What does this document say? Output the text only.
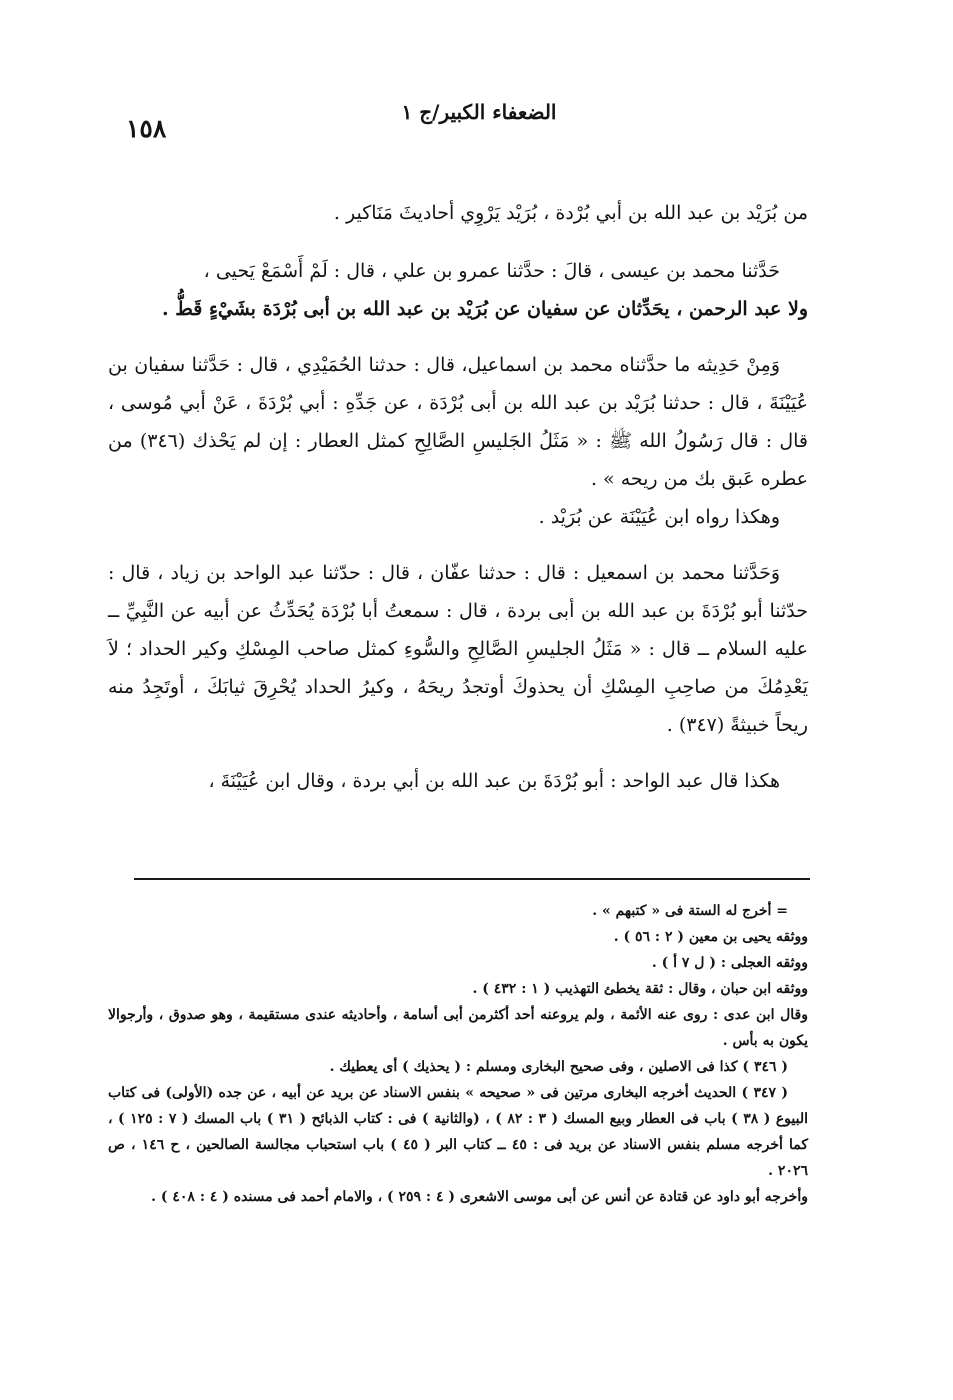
الضعفاء الكبير/ج ١
١٥٨

من بُرَيْد بن عبد الله بن أبي بُرْدة ، بُرَيْد يَرْوِي أحاديثَ مَنَاكير .

حَدَّثنا محمد بن عيسى ، قالَ : حدَّثنا عمرو بن علي ، قال : لَمْ أَسْمَعْ يَحيى ،

ولا عبد الرحمن ، يحَدِّثان عن سفيان عن بُرَيْد بن عبد الله بن أبى بُرْدَة بشَيْءٍ قَطُّ .

وَمِنْ حَدِيثه ما حدَّثناه محمد بن اسماعيل، قال : حدثنا الحُمَيْدِي ، قال : حَدَّثنا سفيان بن عُيَيْنَةَ ، قال : حدثنا بُرَيْد بن عبد الله بن أبى بُرْدَة ، عن جَدِّهِ : أبي بُرْدَةَ ، عَنْ أبي مُوسى ، قال : قال رَسُولُ الله ﷺ : « مَثَلُ الجَليسِ الصَّالِحِ كمثل العطار : إن لم يَحْذك (٣٤٦) من عطره عَبق بك من ريحه » .

وهكذا رواه ابن عُيَيْنَة عن بُرَيْد .

وَحَدَّثنا محمد بن اسمعيل : قال : حدثنا عفّان ، قال : حدّثنا عبد الواحد بن زياد ، قال : حدّثنا أبو بُرْدَةَ بن عبد الله بن أبى بردة ، قال : سمعتُ أبا بُرْدَة يُحَدِّثُ عن أبيه عن النَّبِيِّ ــ عليه السلام ــ قال : « مَثَلُ الجليسِ الصَّالِحِ والسُّوءِ كمثل صاحب المِسْكِ وكير الحداد ؛ لاَ يَعْدِمُكَ من صاحِبِ المِسْكِ أن يحذوكَ أوتجدُ ريحَهُ ، وكيرُ الحداد يُحْرِقَ ثيابَكَ ، أوتَجِدُ منه ريحاً خبيثةً (٣٤٧) .

هكذا قال عبد الواحد : أبو بُرْدَةَ بن عبد الله بن أبي بردة ، وقال ابن عُيَيْنَةَ ،

= أخرج له الستة فى « كتبهم » .

ووثقه يحيى بن معين ( ٢ : ٥٦ ) .

ووثقه العجلى : ( ل ٧ أ ) .

ووثقه ابن حبان ، وقال : ثقة يخطئ التهذيب ( ١ : ٤٣٢ ) .

وقال ابن عدى : روى عنه الأئمة ، ولم يروعنه أحد أكثرمن أبى أسامة ، وأحاديثه عندى مستقيمة ، وهو صدوق ، وأرجوالا يكون به بأس .

( ٣٤٦ ) كذا فى الاصلين ، وفى صحيح البخارى ومسلم : ( يحذيك ) أى يعطيك .

( ٣٤٧ ) الحديث أخرجه البخارى مرتين فى « صحيحه » بنفس الاسناد عن بريد عن أبيه ، عن جده (الأولى) فى كتاب البيوع ( ٣٨ ) باب فى العطار وبيع المسك ( ٣ : ٨٢ ) ، (والثانية ) فى : كتاب الذبائح ( ٣١ ) باب المسك ( ٧ : ١٢٥ ) ، كما أخرجه مسلم بنفس الاسناد عن بريد فى : ٤٥ ــ كتاب البر ( ٤٥ ) باب استحباب مجالسة الصالحين ، ح ١٤٦ ، ص ٢٠٢٦ .

وأخرجه أبو داود عن قتادة عن أنس عن أبى موسى الاشعرى ( ٤ : ٢٥٩ ) ، والامام أحمد فى مسنده ( ٤ : ٤٠٨ ) .
